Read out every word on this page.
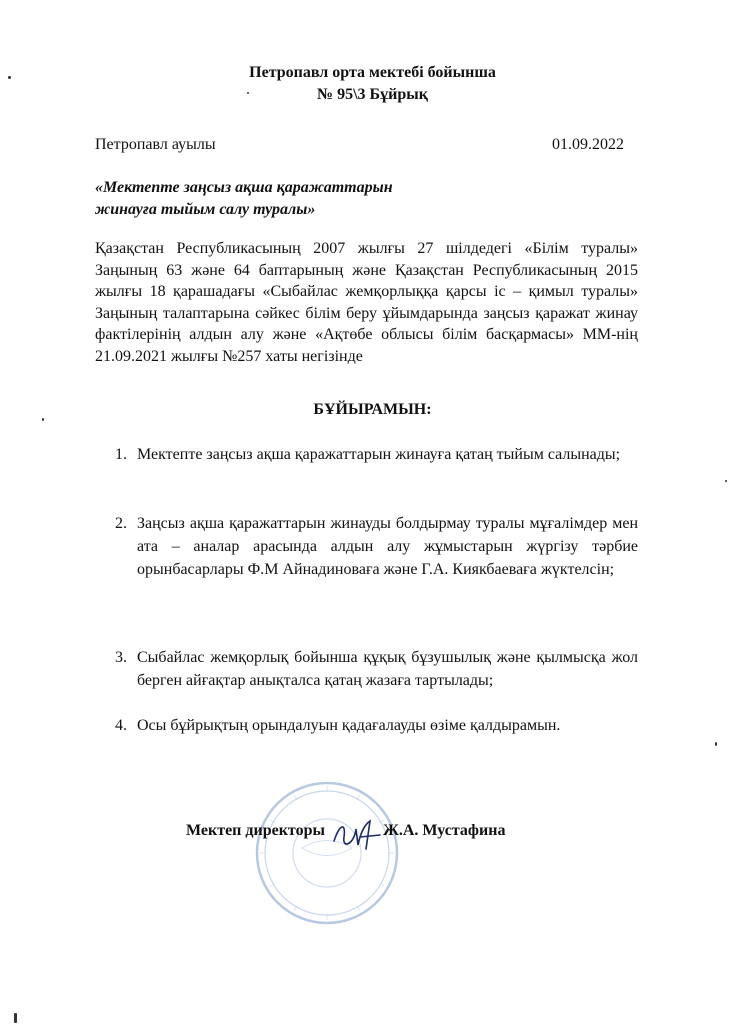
Петропавл орта мектебі бойынша
№ 95\3 Бұйрық
Петропавл ауылы	01.09.2022
«Мектепте заңсыз ақша қаражаттарын
жинауға тыйым салу туралы»
Қазақстан Республикасының 2007 жылғы 27 шілдедегі «Білім туралы» Заңының 63 және 64 баптарының және Қазақстан Республикасының 2015 жылғы 18 қарашадағы «Сыбайлас жемқорлыққа қарсы іс – қимыл туралы» Заңының талаптарына сәйкес білім беру ұйымдарында заңсыз қаражат жинау фактілерінің алдын алу және «Ақтөбе облысы білім басқармасы» ММ-нің 21.09.2021 жылғы №257 хаты негізінде
БҰЙЫРАМЫН:
1. Мектепте заңсыз ақша қаражаттарын жинауға қатаң тыйым салынады;
2. Заңсыз ақша қаражаттарын жинауды болдырмау туралы мұғалімдер мен ата – аналар арасында алдын алу жұмыстарын жүргізу тәрбие орынбасарлары Ф.М Айнадиноваға және Г.А. Киякбаеваға жүктелсін;
3. Сыбайлас жемқорлық бойынша құқық бұзушылық және қылмысқа жол берген айғақтар анықталса қатаң жазаға тартылады;
4. Осы бұйрықтың орындалуын қадағалауды өзіме қалдырамын.
Мектеп директоры	Ж.А. Мустафина
